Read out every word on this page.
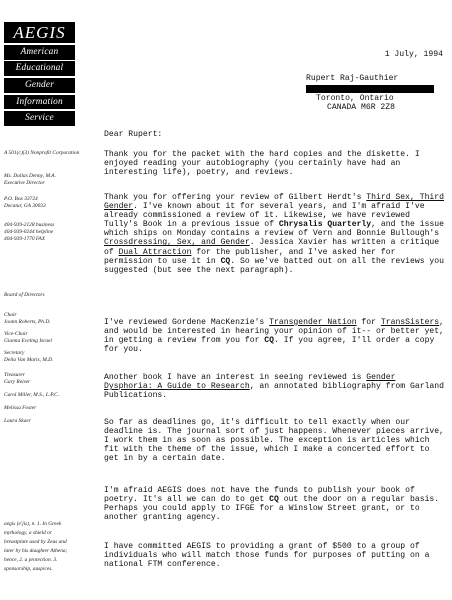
AEGIS
American
Educational
Gender
Information
Service
A 501(c)(3) Nonprofit Corporation
Ms. Dallas Denny, M.A.
Executive Director
P.O. Box 33724
Decatur, GA 30033
404-939-2128 business
404-939-0244 helpline
404-939-1770 FAX
Board of Directors
Chair
Joann Roberts, Ph.D.
Vice-Chair
Gianna Eveling Israel
Secretary
Delia Van Maris, M.D.
Treasurer
Gary Reiser
Carol Miller, M.S., L.P.C.
Melissa Foster
Laura Skaer
aegis (e'jis), n. 1. In Greek mythology, a shield or breastplate used by Zeus and later by his daughter Athena; hence, 2. a protection. 3. sponsorship, auspices.
1 July, 1994
Rupert Raj-Gauthier
Toronto, Ontario
CANADA M6R 2Z8
Dear Rupert:

Thank you for the packet with the hard copies and the diskette. I enjoyed reading your autobiography (you certainly have had an interesting life), poetry, and reviews.

Thank you for offering your review of Gilbert Herdt's Third Sex, Third Gender. I've known about it for several years, and I'm afraid I've already commissioned a review of it. Likewise, we have reviewed Tully's Book in a previous issue of Chrysalis Quarterly, and the issue which ships on Monday contains a review of Vern and Bonnie Bullough's Crossdressing, Sex, and Gender. Jessica Xavier has written a critique of Dual Attraction for the publisher, and I've asked her for permission to use it in CQ. So we've batted out on all the reviews you suggested (but see the next paragraph).

I've reviewed Gordene MacKenzie's Transgender Nation for TransSisters, and would be interested in hearing your opinion of it-- or better yet, in getting a review from you for CQ. If you agree, I'll order a copy for you.

Another book I have an interest in seeing reviewed is Gender Dysphoria: A Guide to Research, an annotated bibliography from Garland Publications.

So far as deadlines go, it's difficult to tell exactly when our deadline is. The journal sort of just happens. Whenever pieces arrive, I work them in as soon as possible. The exception is articles which fit with the theme of the issue, which I make a concerted effort to get in by a certain date.

I'm afraid AEGIS does not have the funds to publish your book of poetry. It's all we can do to get CQ out the door on a regular basis. Perhaps you could apply to IFGE for a Winslow Street grant, or to another granting agency.

I have committed AEGIS to providing a grant of $500 to a group of individuals who will match those funds for purposes of putting on a national FTM conference.
